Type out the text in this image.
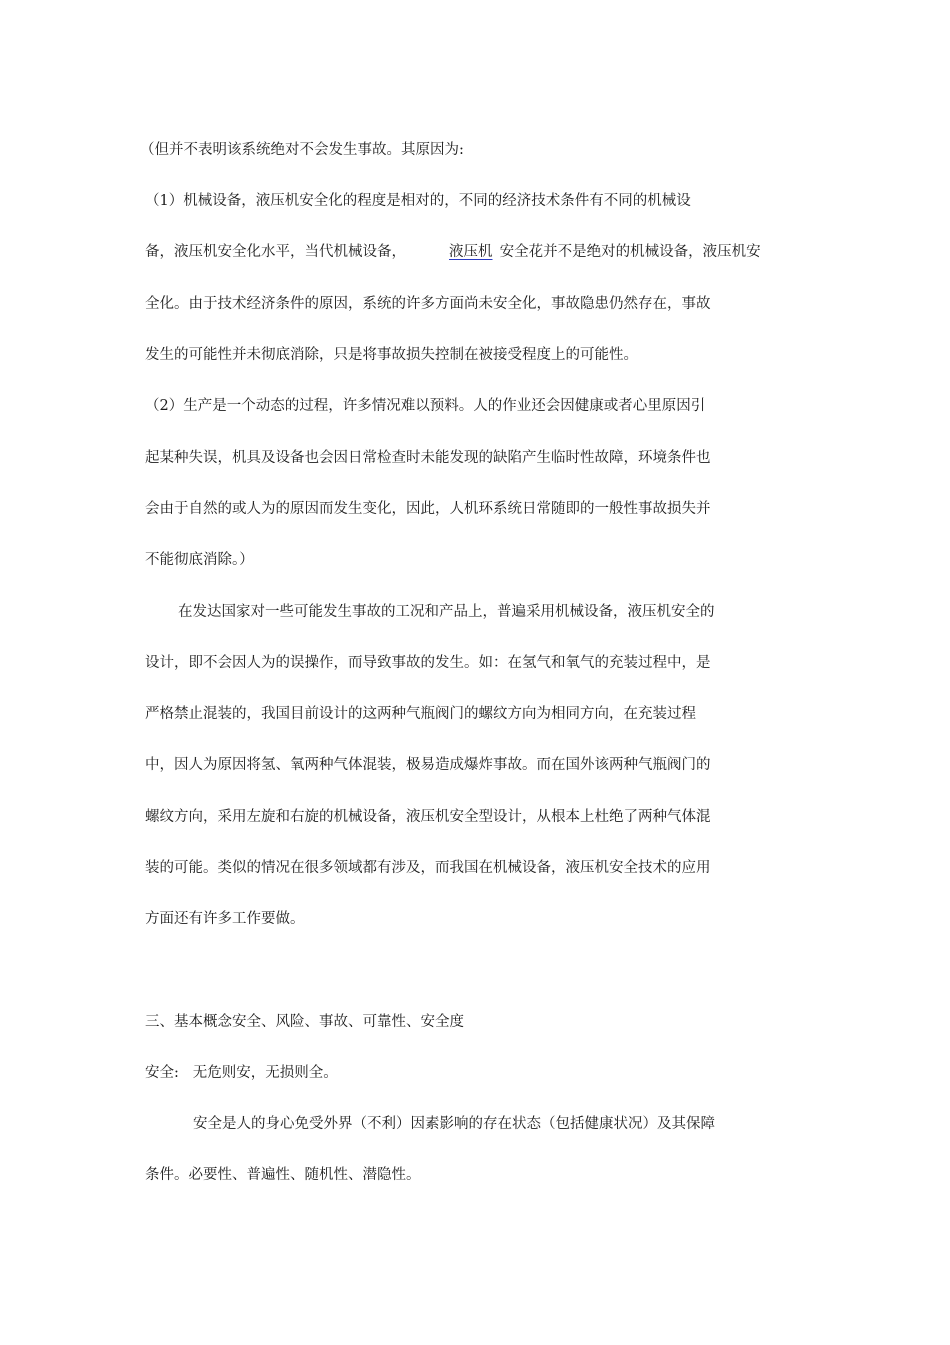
（但并不表明该系统绝对不会发生事故。其原因为:

（1）机械设备，液压机安全化的程度是相对的，不同的经济技术条件有不同的机械设

备，液压机安全化水平，当代机械设备，	液压机 安全花并不是绝对的机械设备，液压机安

全化。由于技术经济条件的原因，系统的许多方面尚未安全化，事故隐患仍然存在，事故

发生的可能性并未彻底消除，只是将事故损失控制在被接受程度上的可能性。

（2）生产是一个动态的过程，许多情况难以预料。人的作业还会因健康或者心里原因引

起某种失误，机具及设备也会因日常检查时未能发现的缺陷产生临时性故障，环境条件也

会由于自然的或人为的原因而发生变化，因此，人机环系统日常随即的一般性事故损失并

不能彻底消除。）

在发达国家对一些可能发生事故的工况和产品上，普遍采用机械设备，液压机安全的

设计，即不会因人为的误操作，而导致事故的发生。如：在氢气和氧气的充装过程中，是

严格禁止混装的，我国目前设计的这两种气瓶阀门的螺纹方向为相同方向，在充装过程

中，因人为原因将氢、氧两种气体混装，极易造成爆炸事故。而在国外该两种气瓶阀门的

螺纹方向，采用左旋和右旋的机械设备，液压机安全型设计，从根本上杜绝了两种气体混

装的可能。类似的情况在很多领域都有涉及，而我国在机械设备，液压机安全技术的应用

方面还有许多工作要做。

三、基本概念安全、风险、事故、可靠性、安全度

安全:   无危则安，无损则全。

安全是人的身心免受外界（不利）因素影响的存在状态（包括健康状况）及其保障

条件。必要性、普遍性、随机性、潜隐性。
